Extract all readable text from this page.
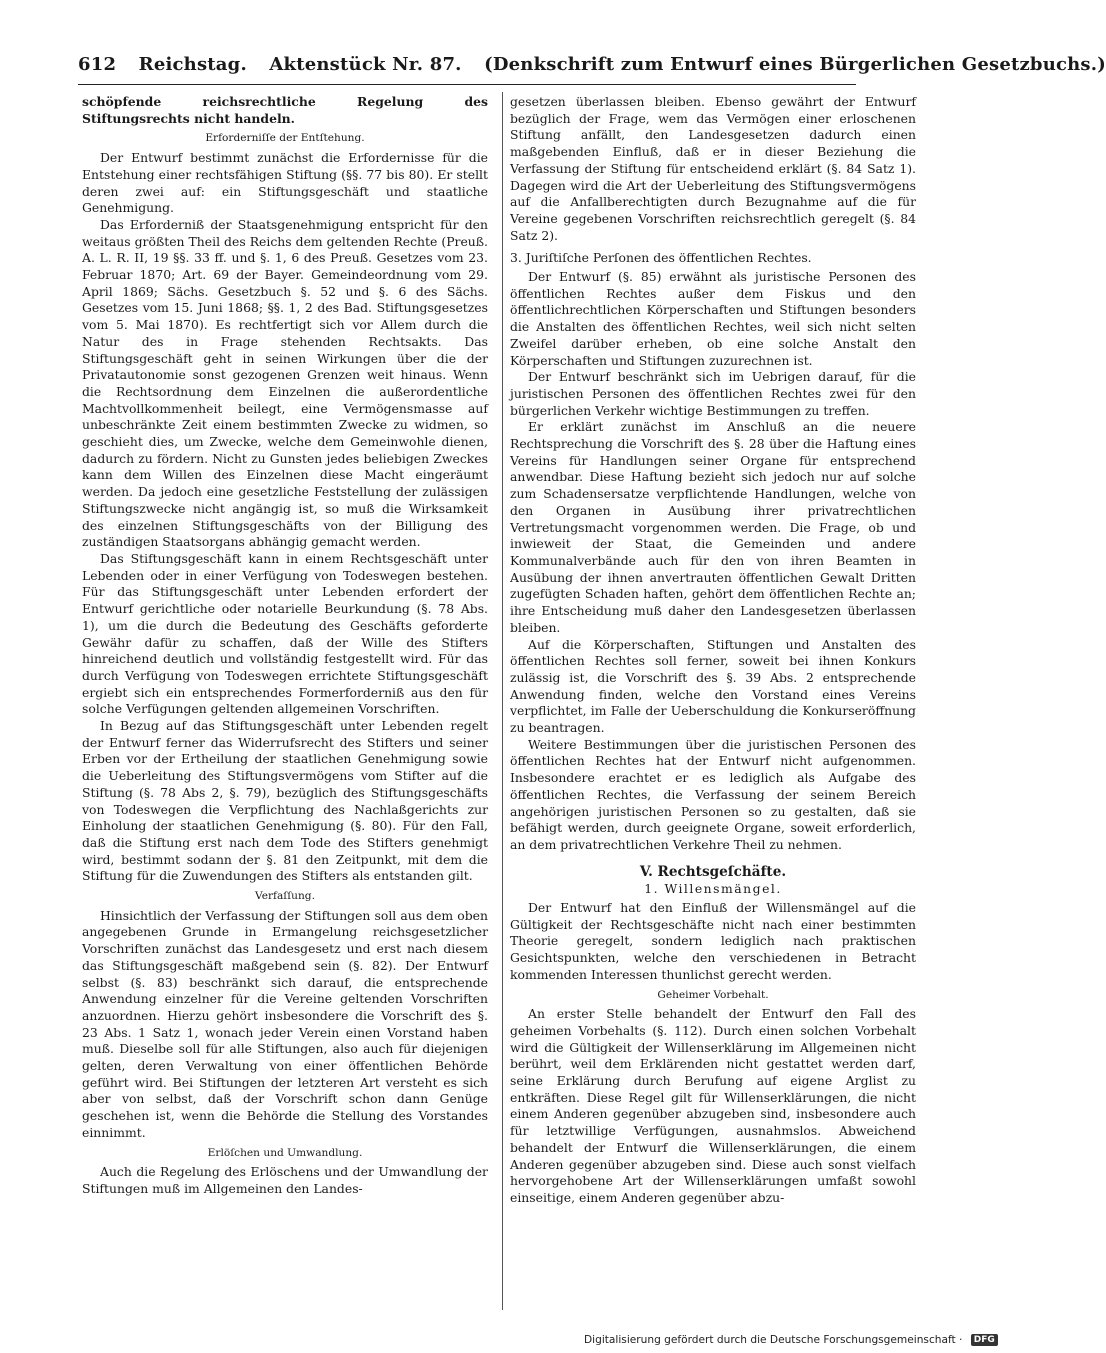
612 Reichstag. Aktenstück Nr. 87. (Denkschrift zum Entwurf eines Bürgerlichen Gesetzbuchs.)

schöpfende reichsrechtliche Regelung des Stiftungsrechts nicht handeln.

Erforderniſſe der Entſtehung.

Der Entwurf bestimmt zunächst die Erfordernisse für die Entstehung einer rechtsfähigen Stiftung (§§. 77 bis 80). Er stellt deren zwei auf: ein Stiftungsgeschäft und staatliche Genehmigung.

Das Erforderniß der Staatsgenehmigung entspricht für den weitaus größten Theil des Reichs dem geltenden Rechte (Preuß. A. L. R. II, 19 §§. 33 ff. und §. 1, 6 des Preuß. Gesetzes vom 23. Februar 1870; Art. 69 der Bayer. Gemeindeordnung vom 29. April 1869; Sächs. Gesetzbuch §. 52 und §. 6 des Sächs. Gesetzes vom 15. Juni 1868; §§. 1, 2 des Bad. Stiftungsgesetzes vom 5. Mai 1870). Es rechtfertigt sich vor Allem durch die Natur des in Frage stehenden Rechtsakts. Das Stiftungsgeschäft geht in seinen Wirkungen über die der Privatautonomie sonst gezogenen Grenzen weit hinaus. Wenn die Rechtsordnung dem Einzelnen die außerordentliche Machtvollkommenheit beilegt, eine Vermögensmasse auf unbeschränkte Zeit einem bestimmten Zwecke zu widmen, so geschieht dies, um Zwecke, welche dem Gemeinwohle dienen, dadurch zu fördern. Nicht zu Gunsten jedes beliebigen Zweckes kann dem Willen des Einzelnen diese Macht eingeräumt werden. Da jedoch eine gesetzliche Feststellung der zulässigen Stiftungszwecke nicht angängig ist, so muß die Wirksamkeit des einzelnen Stiftungsgeschäfts von der Billigung des zuständigen Staatsorgans abhängig gemacht werden.

Das Stiftungsgeschäft kann in einem Rechtsgeschäft unter Lebenden oder in einer Verfügung von Todeswegen bestehen. Für das Stiftungsgeschäft unter Lebenden erfordert der Entwurf gerichtliche oder notarielle Beurkundung (§. 78 Abs. 1), um die durch die Bedeutung des Geschäfts geforderte Gewähr dafür zu schaffen, daß der Wille des Stifters hinreichend deutlich und vollständig festgestellt wird. Für das durch Verfügung von Todeswegen errichtete Stiftungsgeschäft ergiebt sich ein entsprechendes Formerforderniß aus den für solche Verfügungen geltenden allgemeinen Vorschriften.

In Bezug auf das Stiftungsgeschäft unter Lebenden regelt der Entwurf ferner das Widerrufsrecht des Stifters und seiner Erben vor der Ertheilung der staatlichen Genehmigung sowie die Ueberleitung des Stiftungsvermögens vom Stifter auf die Stiftung (§. 78 Abs 2, §. 79), bezüglich des Stiftungsgeschäfts von Todeswegen die Verpflichtung des Nachlaßgerichts zur Einholung der staatlichen Genehmigung (§. 80). Für den Fall, daß die Stiftung erst nach dem Tode des Stifters genehmigt wird, bestimmt sodann der §. 81 den Zeitpunkt, mit dem die Stiftung für die Zuwendungen des Stifters als entstanden gilt.

Verfaſſung.

Hinsichtlich der Verfassung der Stiftungen soll aus dem oben angegebenen Grunde in Ermangelung reichsgesetzlicher Vorschriften zunächst das Landesgesetz und erst nach diesem das Stiftungsgeschäft maßgebend sein (§. 82). Der Entwurf selbst (§. 83) beschränkt sich darauf, die entsprechende Anwendung einzelner für die Vereine geltenden Vorschriften anzuordnen. Hierzu gehört insbesondere die Vorschrift des §. 23 Abs. 1 Satz 1, wonach jeder Verein einen Vorstand haben muß. Dieselbe soll für alle Stiftungen, also auch für diejenigen gelten, deren Verwaltung von einer öffentlichen Behörde geführt wird. Bei Stiftungen der letzteren Art versteht es sich aber von selbst, daß der Vorschrift schon dann Genüge geschehen ist, wenn die Behörde die Stellung des Vorstandes einnimmt.

Erlöſchen und Umwandlung.

Auch die Regelung des Erlöschens und der Umwandlung der Stiftungen muß im Allgemeinen den Landes-

gesetzen überlassen bleiben. Ebenso gewährt der Entwurf bezüglich der Frage, wem das Vermögen einer erloschenen Stiftung anfällt, den Landesgesetzen dadurch einen maßgebenden Einfluß, daß er in dieser Beziehung die Verfassung der Stiftung für entscheidend erklärt (§. 84 Satz 1). Dagegen wird die Art der Ueberleitung des Stiftungsvermögens auf die Anfallberechtigten durch Bezugnahme auf die für Vereine gegebenen Vorschriften reichsrechtlich geregelt (§. 84 Satz 2).

3. Juriſtiſche Perſonen des öffentlichen Rechtes.

Der Entwurf (§. 85) erwähnt als juristische Personen des öffentlichen Rechtes außer dem Fiskus und den öffentlichrechtlichen Körperschaften und Stiftungen besonders die Anstalten des öffentlichen Rechtes, weil sich nicht selten Zweifel darüber erheben, ob eine solche Anstalt den Körperschaften und Stiftungen zuzurechnen ist.

Der Entwurf beschränkt sich im Uebrigen darauf, für die juristischen Personen des öffentlichen Rechtes zwei für den bürgerlichen Verkehr wichtige Bestimmungen zu treffen.

Er erklärt zunächst im Anschluß an die neuere Rechtsprechung die Vorschrift des §. 28 über die Haftung eines Vereins für Handlungen seiner Organe für entsprechend anwendbar. Diese Haftung bezieht sich jedoch nur auf solche zum Schadensersatze verpflichtende Handlungen, welche von den Organen in Ausübung ihrer privatrechtlichen Vertretungsmacht vorgenommen werden. Die Frage, ob und inwieweit der Staat, die Gemeinden und andere Kommunalverbände auch für den von ihren Beamten in Ausübung der ihnen anvertrauten öffentlichen Gewalt Dritten zugefügten Schaden haften, gehört dem öffentlichen Rechte an; ihre Entscheidung muß daher den Landesgesetzen überlassen bleiben.

Auf die Körperschaften, Stiftungen und Anstalten des öffentlichen Rechtes soll ferner, soweit bei ihnen Konkurs zulässig ist, die Vorschrift des §. 39 Abs. 2 entsprechende Anwendung finden, welche den Vorstand eines Vereins verpflichtet, im Falle der Ueberschuldung die Konkurseröffnung zu beantragen.

Weitere Bestimmungen über die juristischen Personen des öffentlichen Rechtes hat der Entwurf nicht aufgenommen. Insbesondere erachtet er es lediglich als Aufgabe des öffentlichen Rechtes, die Verfassung der seinem Bereich angehörigen juristischen Personen so zu gestalten, daß sie befähigt werden, durch geeignete Organe, soweit erforderlich, an dem privatrechtlichen Verkehre Theil zu nehmen.

V. Rechtsgeſchäfte.
1. Willensmängel.

Der Entwurf hat den Einfluß der Willensmängel auf die Gültigkeit der Rechtsgeschäfte nicht nach einer bestimmten Theorie geregelt, sondern lediglich nach praktischen Gesichtspunkten, welche den verschiedenen in Betracht kommenden Interessen thunlichst gerecht werden.

Geheimer Vorbehalt.

An erster Stelle behandelt der Entwurf den Fall des geheimen Vorbehalts (§. 112). Durch einen solchen Vorbehalt wird die Gültigkeit der Willenserklärung im Allgemeinen nicht berührt, weil dem Erklärenden nicht gestattet werden darf, seine Erklärung durch Berufung auf eigene Arglist zu entkräften. Diese Regel gilt für Willenserklärungen, die nicht einem Anderen gegenüber abzugeben sind, insbesondere auch für letztwillige Verfügungen, ausnahmslos. Abweichend behandelt der Entwurf die Willenserklärungen, die einem Anderen gegenüber abzugeben sind. Diese auch sonst vielfach hervorgehobene Art der Willenserklärungen umfaßt sowohl einseitige, einem Anderen gegenüber abzu-

Digitalisierung gefördert durch die Deutsche Forschungsgemeinschaft · DFG
